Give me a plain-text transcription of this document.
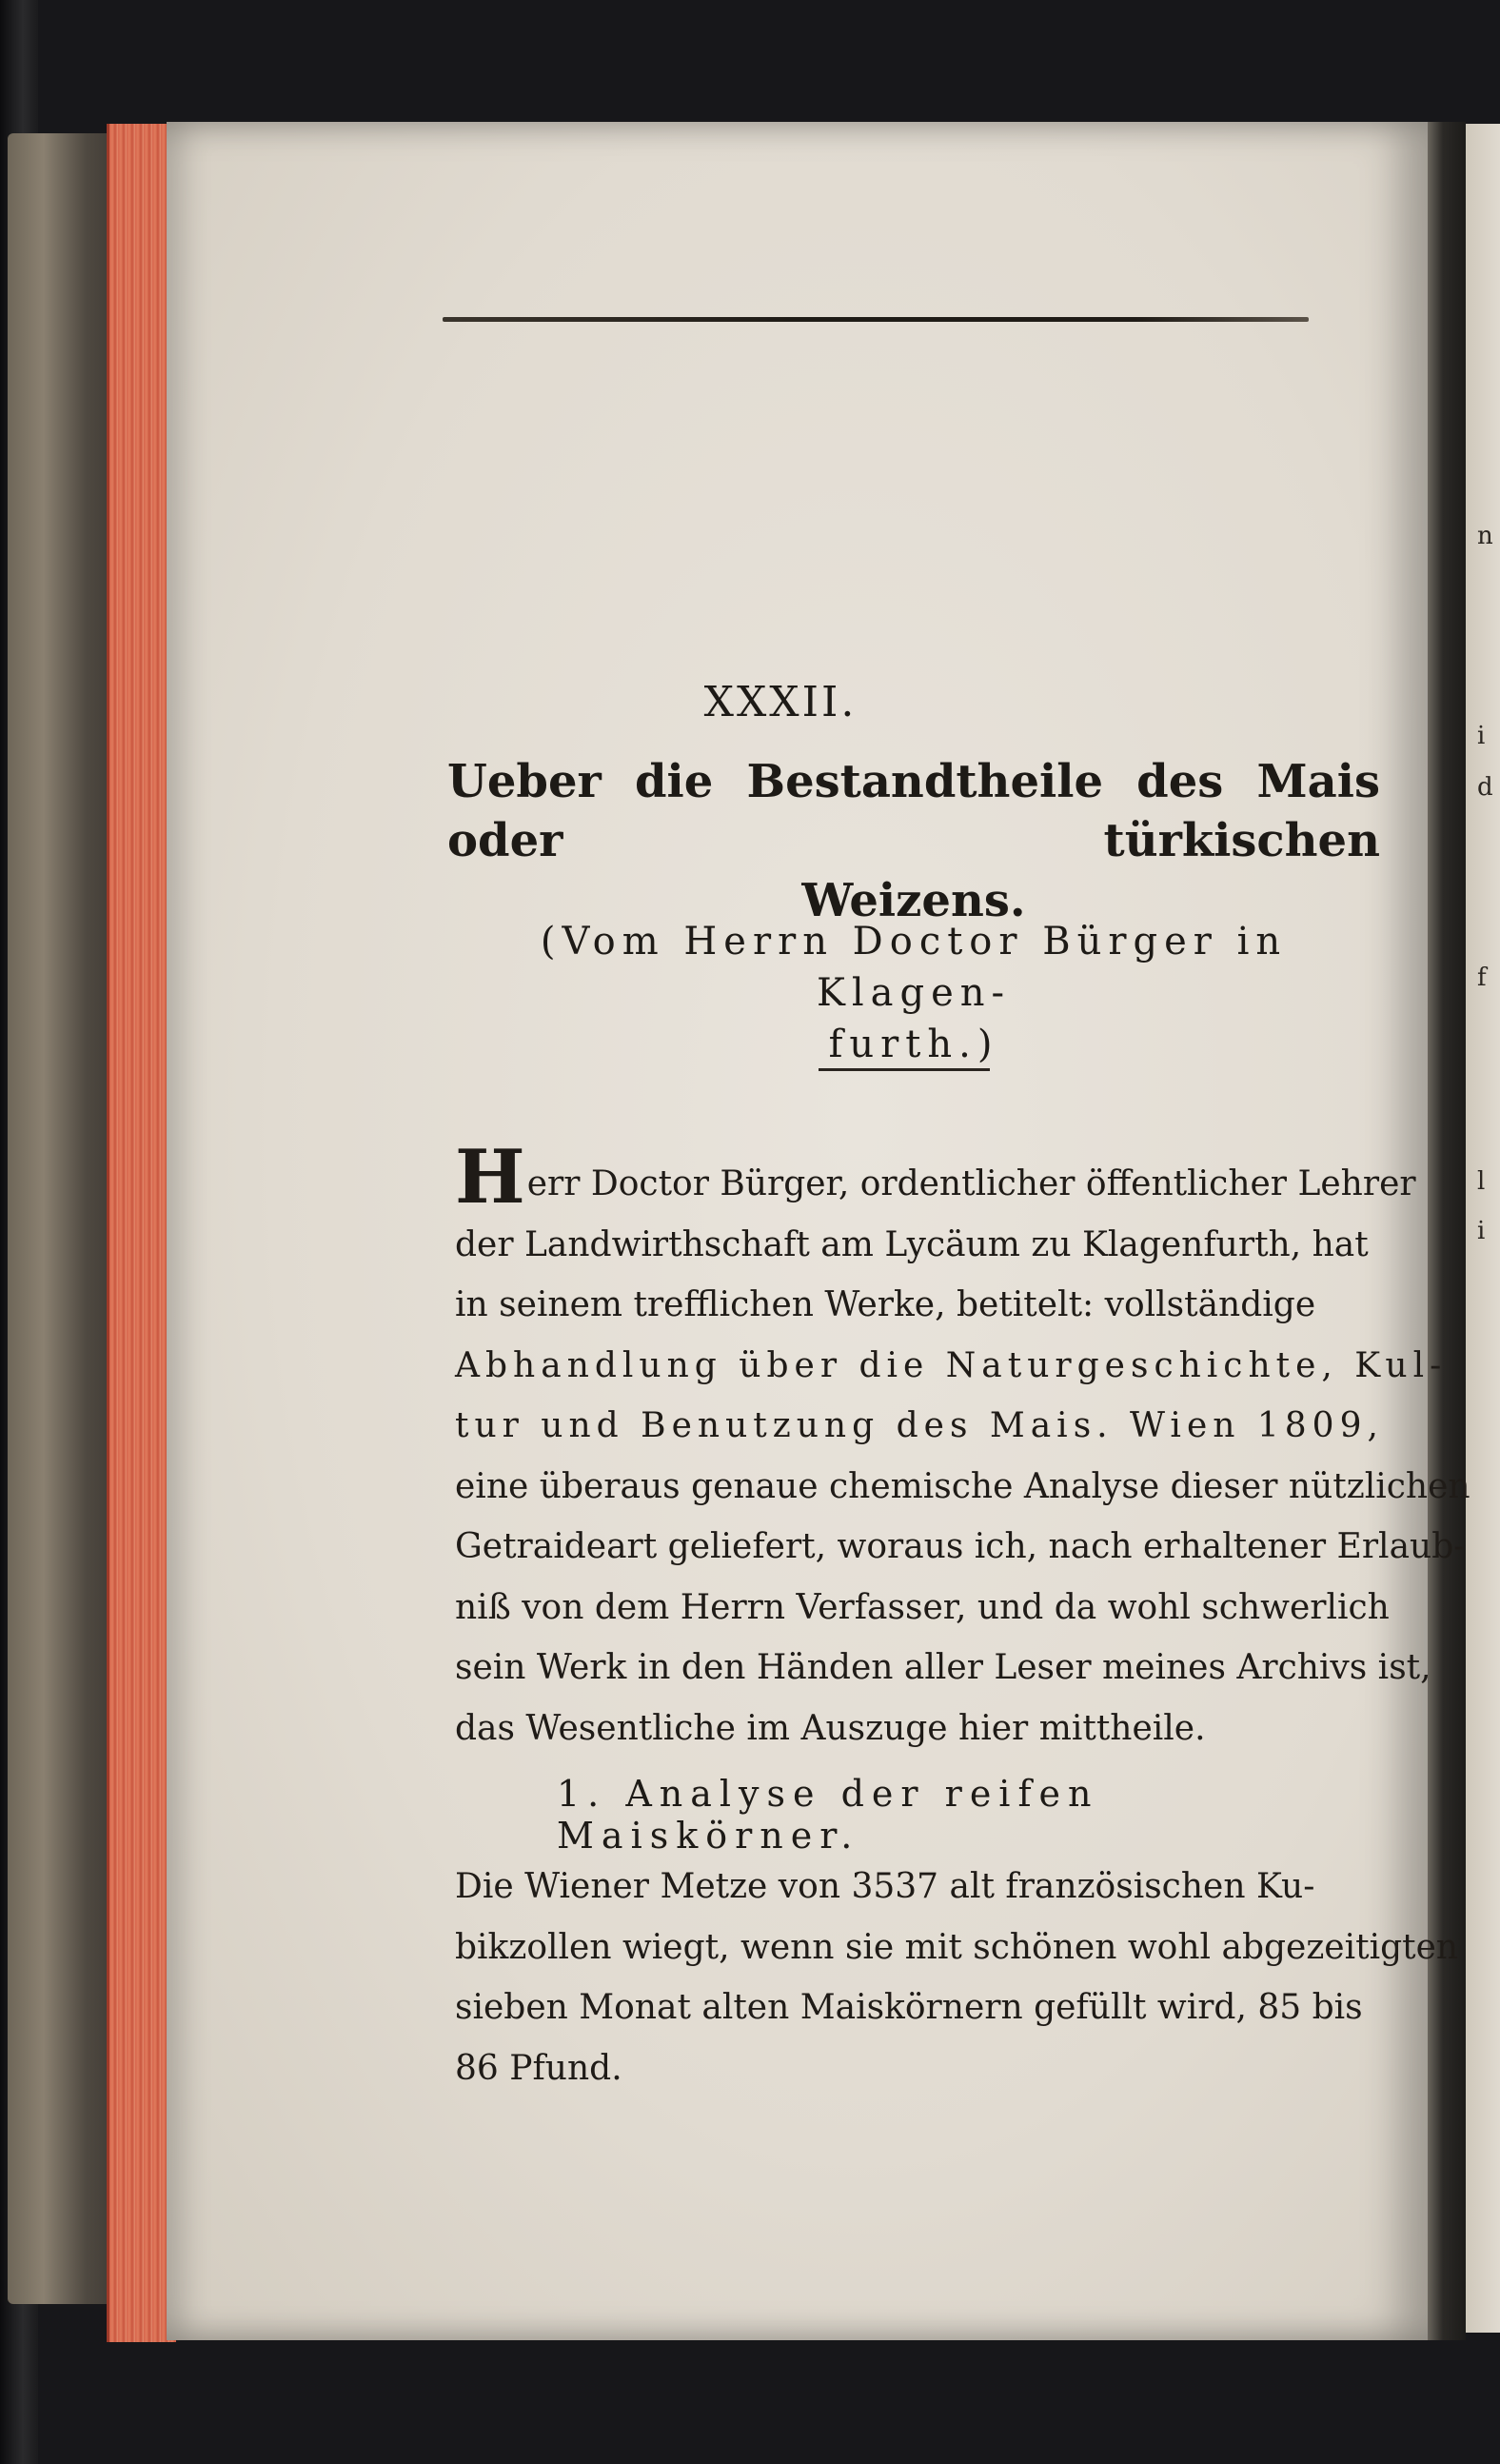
n
i
d
f
l
i
XXXII.
Ueber die Bestandtheile des Mais oder türkischen
Weizens.
(Vom Herrn Doctor Bürger in Klagen-
furth.)
Herr Doctor Bürger, ordentlicher öffentlicher Lehrer
der Landwirthschaft am Lycäum zu Klagenfurth, hat
in seinem trefflichen Werke, betitelt: vollständige
Abhandlung über die Naturgeschichte, Kul-
tur und Benutzung des Mais. Wien 1809,
eine überaus genaue chemische Analyse dieser nützlichen
Getraideart geliefert, woraus ich, nach erhaltener Erlaub-
niß von dem Herrn Verfasser, und da wohl schwerlich
sein Werk in den Händen aller Leser meines Archivs ist,
das Wesentliche im Auszuge hier mittheile.
1. Analyse der reifen Maiskörner.
Die Wiener Metze von 3537 alt französischen Ku-
bikzollen wiegt, wenn sie mit schönen wohl abgezeitigten
sieben Monat alten Maiskörnern gefüllt wird, 85 bis
86 Pfund.
